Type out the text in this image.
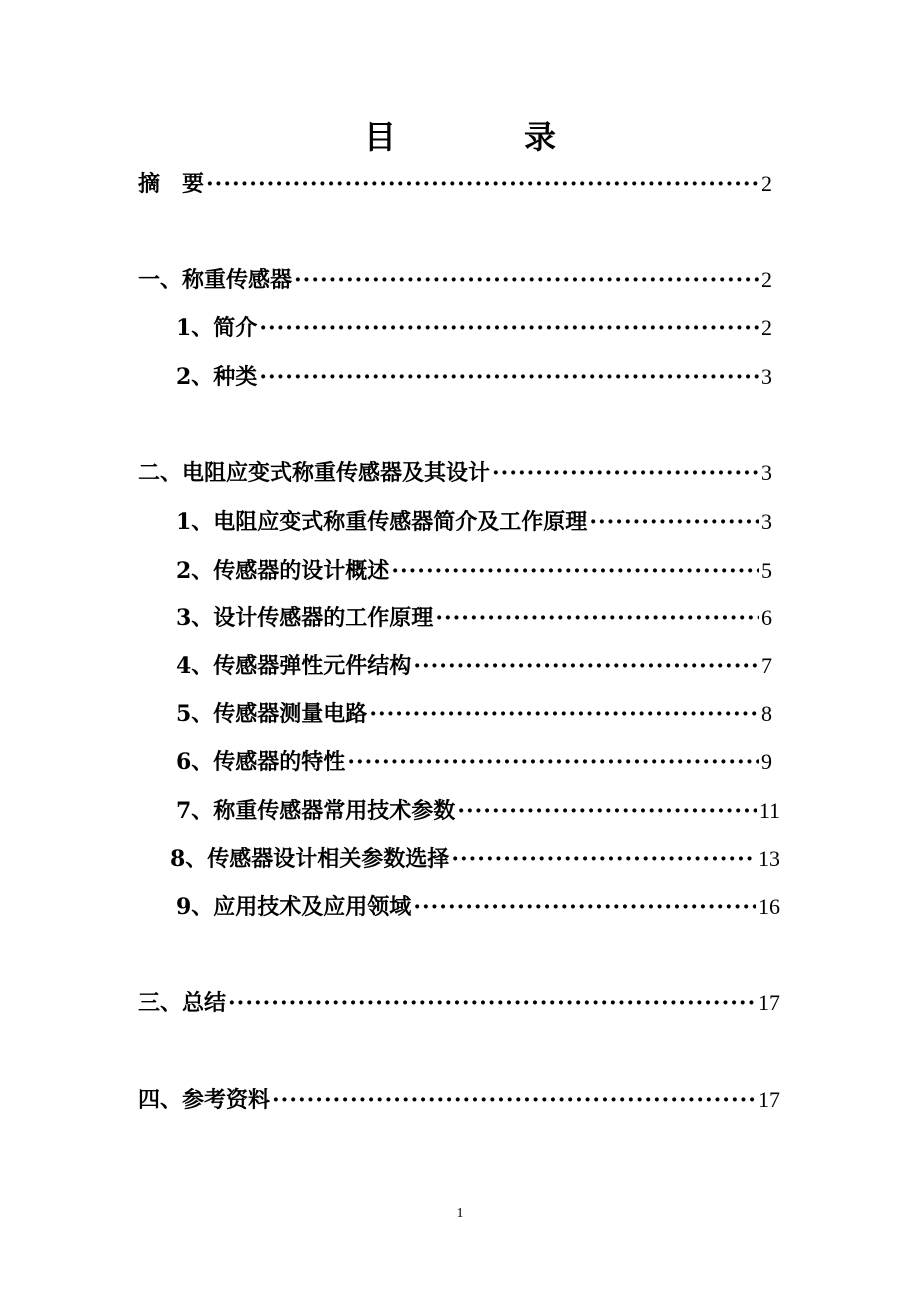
目　录
摘　要 ·····	2
一、称重传感器 ·····	2
1、简介 ·····	2
2、种类 ·····	3
二、电阻应变式称重传感器及其设计 ·····	3
1、电阻应变式称重传感器简介及工作原理 ·····	3
2、传感器的设计概述 ·····	5
3、设计传感器的工作原理 ·····	6
4、传感器弹性元件结构 ·····	7
5、传感器测量电路 ·····	8
6、传感器的特性 ·····	9
7、称重传感器常用技术参数 ·····	11
8、传感器设计相关参数选择 ·····	13
9、应用技术及应用领域 ·····	16
三、总结 ·····	17
四、参考资料 ·····	17
1
